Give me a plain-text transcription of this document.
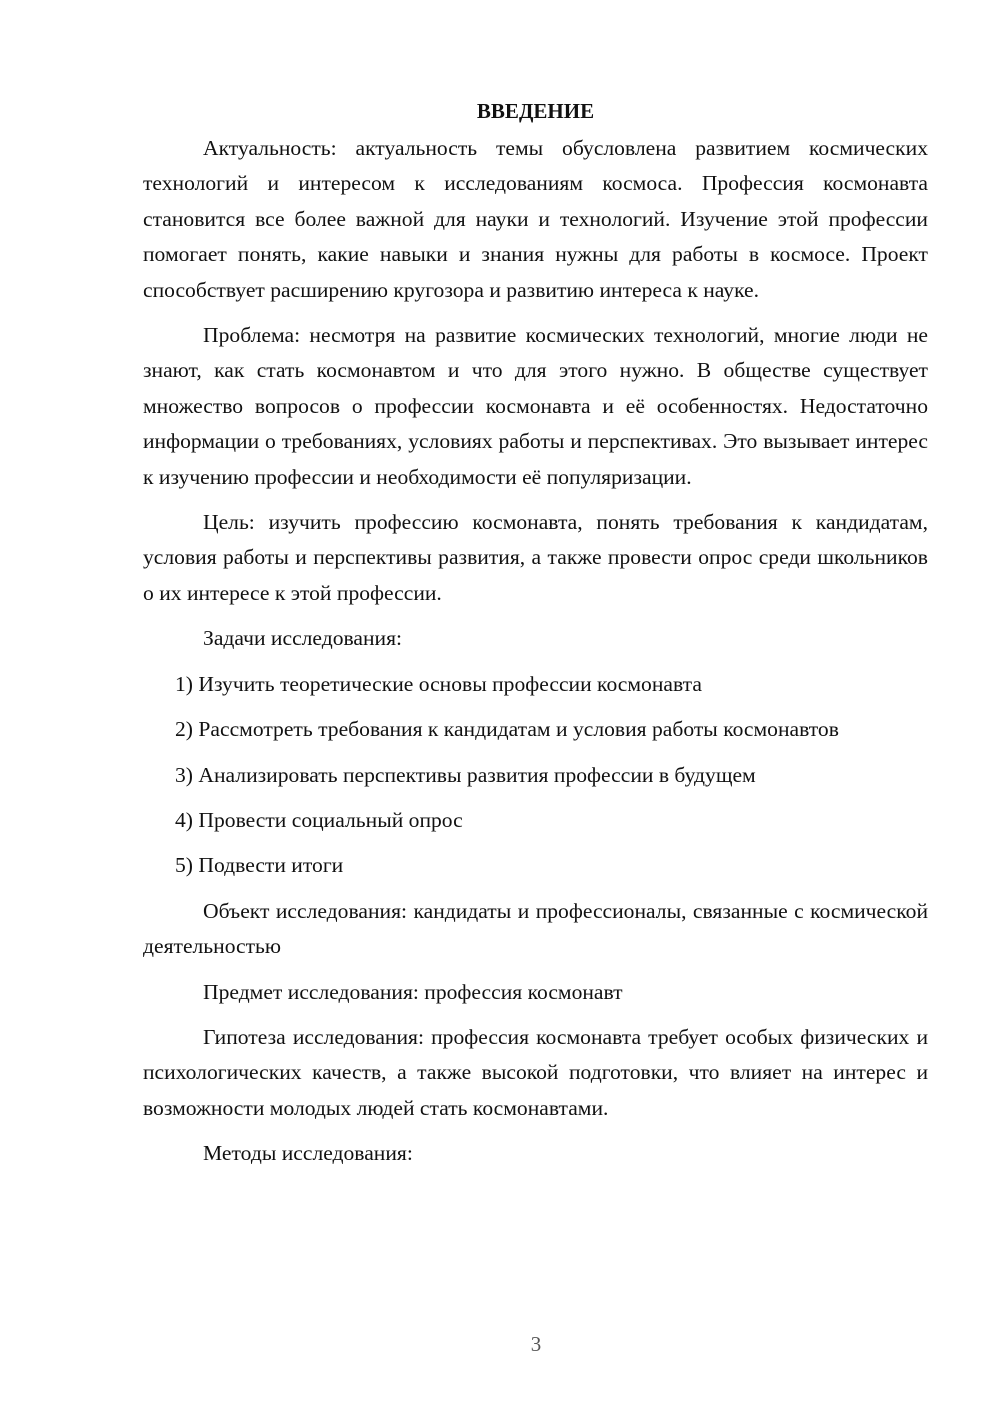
ВВЕДЕНИЕ

Актуальность: актуальность темы обусловлена развитием космических технологий и интересом к исследованиям космоса. Профессия космонавта становится все более важной для науки и технологий. Изучение этой профессии помогает понять, какие навыки и знания нужны для работы в космосе. Проект способствует расширению кругозора и развитию интереса к науке.

Проблема: несмотря на развитие космических технологий, многие люди не знают, как стать космонавтом и что для этого нужно. В обществе существует множество вопросов о профессии космонавта и её особенностях. Недостаточно информации о требованиях, условиях работы и перспективах. Это вызывает интерес к изучению профессии и необходимости её популяризации.

Цель: изучить профессию космонавта, понять требования к кандидатам, условия работы и перспективы развития, а также провести опрос среди школьников о их интересе к этой профессии.

Задачи исследования:

1) Изучить теоретические основы профессии космонавта

2) Рассмотреть требования к кандидатам и условия работы космонавтов

3) Анализировать перспективы развития профессии в будущем

4) Провести социальный опрос

5) Подвести итоги

Объект исследования: кандидаты и профессионалы, связанные с космической деятельностью

Предмет исследования: профессия космонавт

Гипотеза исследования: профессия космонавта требует особых физических и психологических качеств, а также высокой подготовки, что влияет на интерес и возможности молодых людей стать космонавтами.

Методы исследования:

3
